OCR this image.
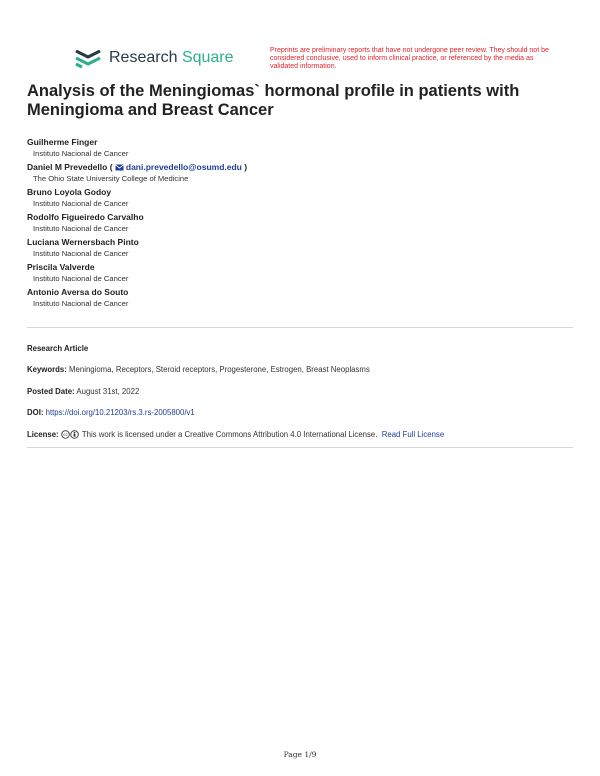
Research Square	Preprints are preliminary reports that have not undergone peer review. They should not be considered conclusive, used to inform clinical practice, or referenced by the media as validated information.
Analysis of the Meningiomas` hormonal profile in patients with Meningioma and Breast Cancer
Guilherme Finger
Instituto Nacional de Cancer
Daniel M Prevedello ( dani.prevedello@osumd.edu )
The Ohio State University College of Medicine
Bruno Loyola Godoy
Instituto Nacional de Cancer
Rodolfo Figueiredo Carvalho
Instituto Nacional de Cancer
Luciana Wernersbach Pinto
Instituto Nacional de Cancer
Priscila Valverde
Instituto Nacional de Cancer
Antonio Aversa do Souto
Instituto Nacional de Cancer
Research Article
Keywords: Meningioma, Receptors, Steroid receptors, Progesterone, Estrogen, Breast Neoplasms
Posted Date: August 31st, 2022
DOI: https://doi.org/10.21203/rs.3.rs-2005800/v1
License: cc This work is licensed under a Creative Commons Attribution 4.0 International License. Read Full License
Page 1/9
